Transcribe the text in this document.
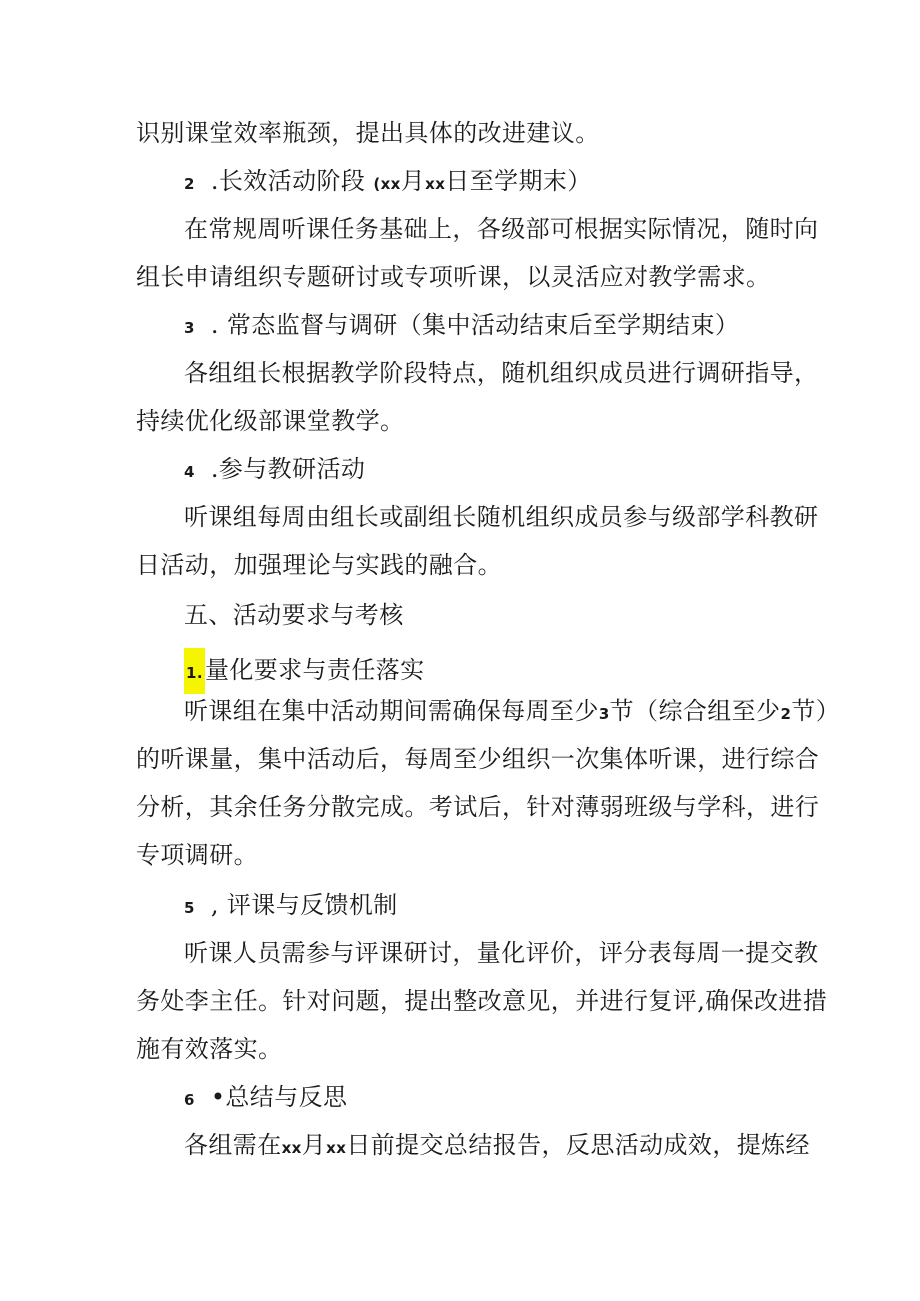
识别课堂效率瓶颈，提出具体的改进建议。
2 .长效活动阶段 (xx月xx日至学期末）
在常规周听课任务基础上，各级部可根据实际情况，随时向
组长申请组织专题研讨或专项听课，以灵活应对教学需求。
3 . 常态监督与调研（集中活动结束后至学期结束）
各组组长根据教学阶段特点，随机组织成员进行调研指导，
持续优化级部课堂教学。
4 .参与教研活动
听课组每周由组长或副组长随机组织成员参与级部学科教研
日活动，加强理论与实践的融合。
五、活动要求与考核
1.量化要求与责任落实
听课组在集中活动期间需确保每周至少3节（综合组至少2节）
的听课量，集中活动后，每周至少组织一次集体听课，进行综合
分析，其余任务分散完成。考试后，针对薄弱班级与学科，进行
专项调研。
5 , 评课与反馈机制
听课人员需参与评课研讨，量化评价，评分表每周一提交教
务处李主任。针对问题，提出整改意见，并进行复评,确保改进措
施有效落实。
6 •总结与反思
各组需在xx月xx日前提交总结报告，反思活动成效，提炼经
